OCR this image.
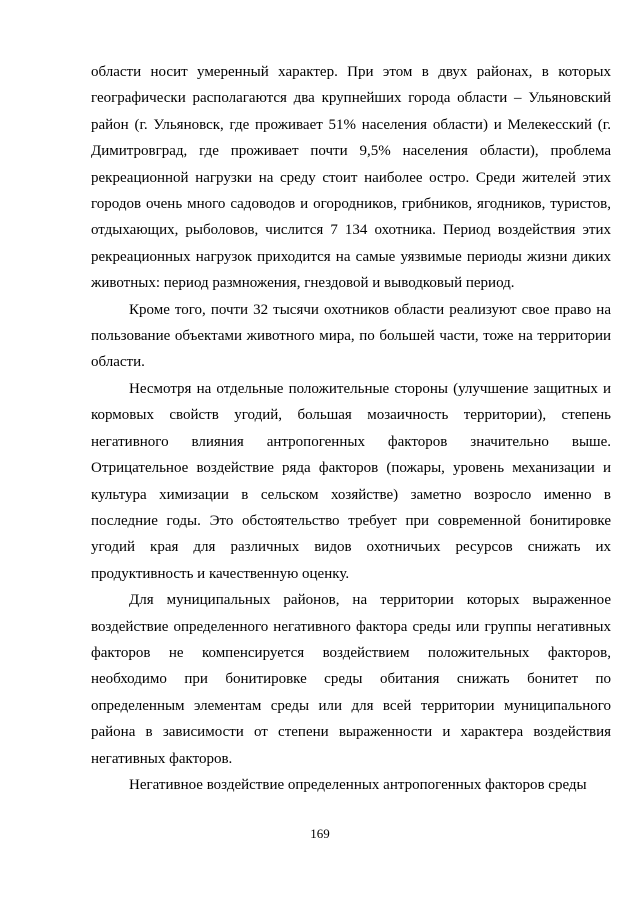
области носит умеренный характер. При этом в двух районах, в которых географически располагаются два крупнейших города области – Ульяновский район (г. Ульяновск, где проживает 51% населения области) и Мелекесский (г. Димитровград, где проживает почти 9,5% населения области), проблема рекреационной нагрузки на среду стоит наиболее остро. Среди жителей этих городов очень много садоводов и огородников, грибников, ягодников, туристов, отдыхающих, рыболовов, числится 7 134 охотника. Период воздействия этих рекреационных нагрузок приходится на самые уязвимые периоды жизни диких животных: период размножения, гнездовой и выводковый период.

Кроме того, почти 32 тысячи охотников области реализуют свое право на пользование объектами животного мира, по большей части, тоже на территории области.

Несмотря на отдельные положительные стороны (улучшение защитных и кормовых свойств угодий, большая мозаичность территории), степень негативного влияния антропогенных факторов значительно выше. Отрицательное воздействие ряда факторов (пожары, уровень механизации и культура химизации в сельском хозяйстве) заметно возросло именно в последние годы. Это обстоятельство требует при современной бонитировке угодий края для различных видов охотничьих ресурсов снижать их продуктивность и качественную оценку.

Для муниципальных районов, на территории которых выраженное воздействие определенного негативного фактора среды или группы негативных факторов не компенсируется воздействием положительных факторов, необходимо при бонитировке среды обитания снижать бонитет по определенным элементам среды или для всей территории муниципального района в зависимости от степени выраженности и характера воздействия негативных факторов.

Негативное воздействие определенных антропогенных факторов среды

169
